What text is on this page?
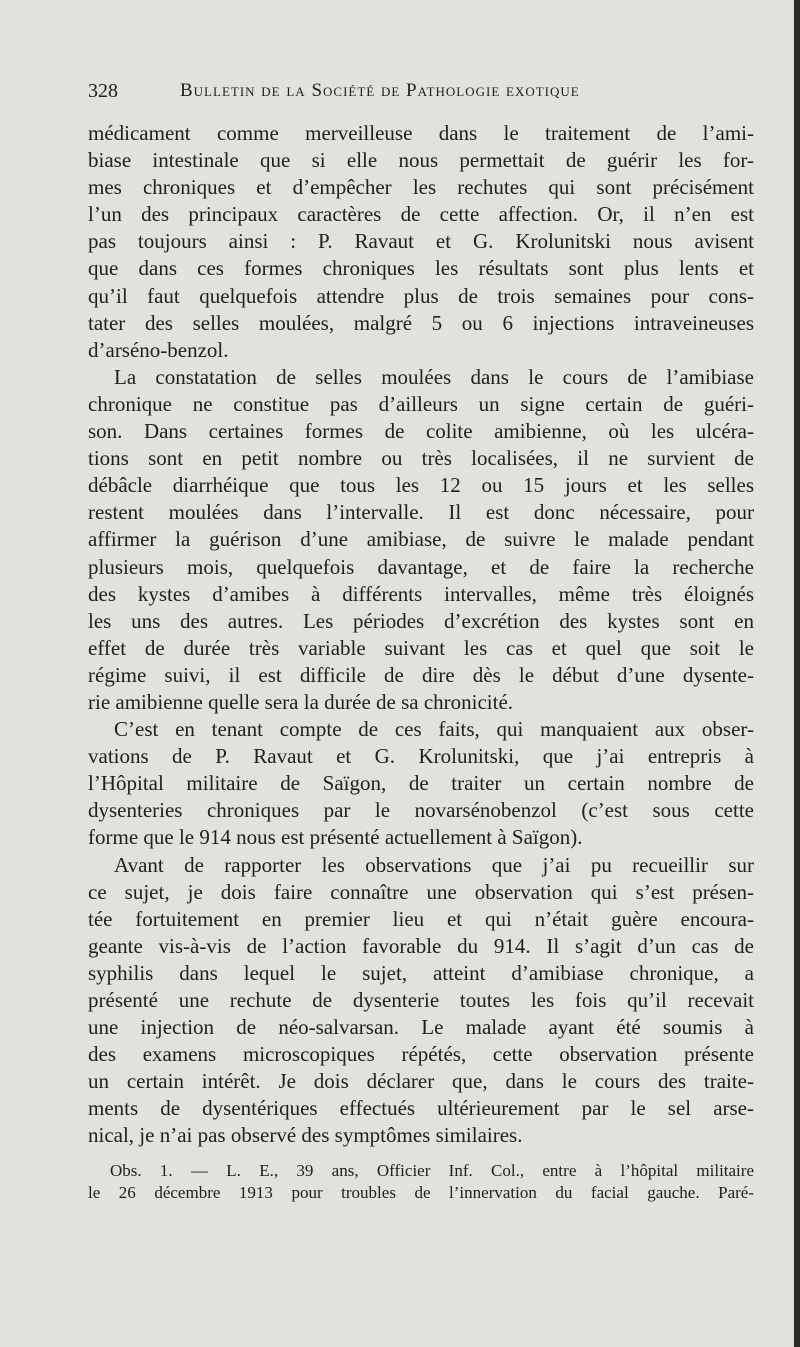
328	Bulletin de la Société de Pathologie exotique
médicament comme merveilleuse dans le traitement de l’ami-
biase intestinale que si elle nous permettait de guérir les for-
mes chroniques et d’empêcher les rechutes qui sont précisément
l’un des principaux caractères de cette affection. Or, il n’en est
pas toujours ainsi : P. Ravaut et G. Krolunitski nous avisent
que dans ces formes chroniques les résultats sont plus lents et
qu’il faut quelquefois attendre plus de trois semaines pour cons-
tater des selles moulées, malgré 5 ou 6 injections intraveineuses
d’arséno-benzol.
La constatation de selles moulées dans le cours de l’amibiase
chronique ne constitue pas d’ailleurs un signe certain de guéri-
son. Dans certaines formes de colite amibienne, où les ulcéra-
tions sont en petit nombre ou très localisées, il ne survient de
débâcle diarrhéique que tous les 12 ou 15 jours et les selles
restent moulées dans l’intervalle. Il est donc nécessaire, pour
affirmer la guérison d’une amibiase, de suivre le malade pendant
plusieurs mois, quelquefois davantage, et de faire la recherche
des kystes d’amibes à différents intervalles, même très éloignés
les uns des autres. Les périodes d’excrétion des kystes sont en
effet de durée très variable suivant les cas et quel que soit le
régime suivi, il est difficile de dire dès le début d’une dysente-
rie amibienne quelle sera la durée de sa chronicité.
C’est en tenant compte de ces faits, qui manquaient aux obser-
vations de P. Ravaut et G. Krolunitski, que j’ai entrepris à
l’Hôpital militaire de Saïgon, de traiter un certain nombre de
dysenteries chroniques par le novarsénobenzol (c’est sous cette
forme que le 914 nous est présenté actuellement à Saïgon).
Avant de rapporter les observations que j’ai pu recueillir sur
ce sujet, je dois faire connaître une observation qui s’est présen-
tée fortuitement en premier lieu et qui n’était guère encoura-
geante vis-à-vis de l’action favorable du 914. Il s’agit d’un cas de
syphilis dans lequel le sujet, atteint d’amibiase chronique, a
présenté une rechute de dysenterie toutes les fois qu’il recevait
une injection de néo-salvarsan. Le malade ayant été soumis à
des examens microscopiques répétés, cette observation présente
un certain intérêt. Je dois déclarer que, dans le cours des traite-
ments de dysentériques effectués ultérieurement par le sel arse-
nical, je n’ai pas observé des symptômes similaires.
Obs. 1. — L. E., 39 ans, Officier Inf. Col., entre à l’hôpital militaire
le 26 décembre 1913 pour troubles de l’innervation du facial gauche. Paré-
